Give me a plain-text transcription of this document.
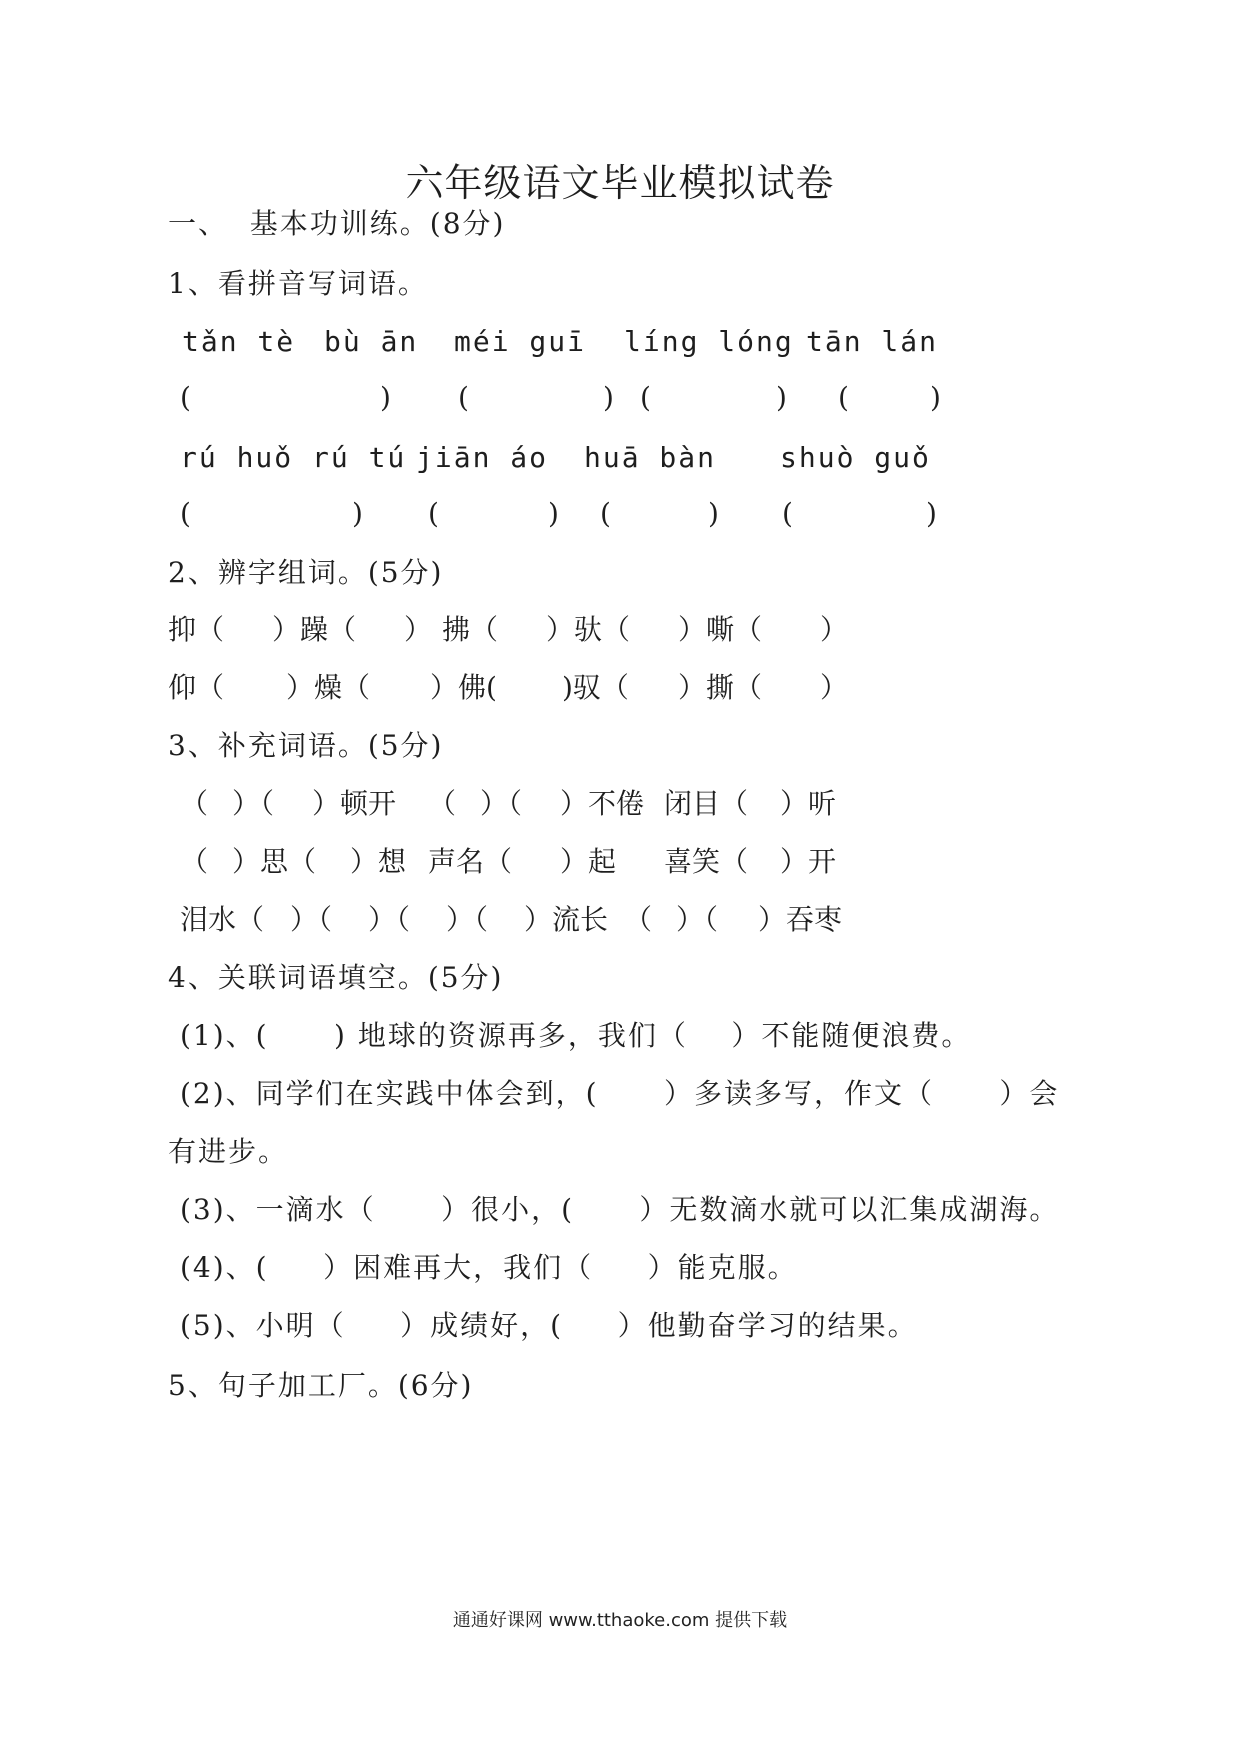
六年级语文毕业模拟试卷
一、  基本功训练。(8分)
1、看拼音写词语。
tǎn tè bù ān méi guī líng lóng tān lán
(	) (	) (	) (	)
rú huǒ rú tú jiān áo huā bàn shuò guǒ
(	) (	) (	) (	)
2、辨字组词。(5分)
抑（ ）躁（ ） 拂（ ）驮（ ）嘶（ ）
仰（ ）燥（ ）佛( )驭（ ）撕（ ）
3、补充词语。(5分)
（ ）（ ）顿开 （ ）（ ）不倦 闭目（ ）听
（ ）思（ ）想 声名（ ）起 喜笑（ ）开
泪水（ ）（ ）（ ）（ ）流长 （ ）（ ）吞枣
4、关联词语填空。(5分)
(1)、(      ) 地球的资源再多，我们（    ）不能随便浪费。
(2)、同学们在实践中体会到，(      ）多读多写，作文（      ）会
有进步。
(3)、一滴水（      ）很小，(      ）无数滴水就可以汇集成湖海。
(4)、(     ）困难再大，我们（     ）能克服。
(5)、小明（     ）成绩好，(     ）他勤奋学习的结果。
5、句子加工厂。(6分)
通通好课网 www.tthaoke.com 提供下载
